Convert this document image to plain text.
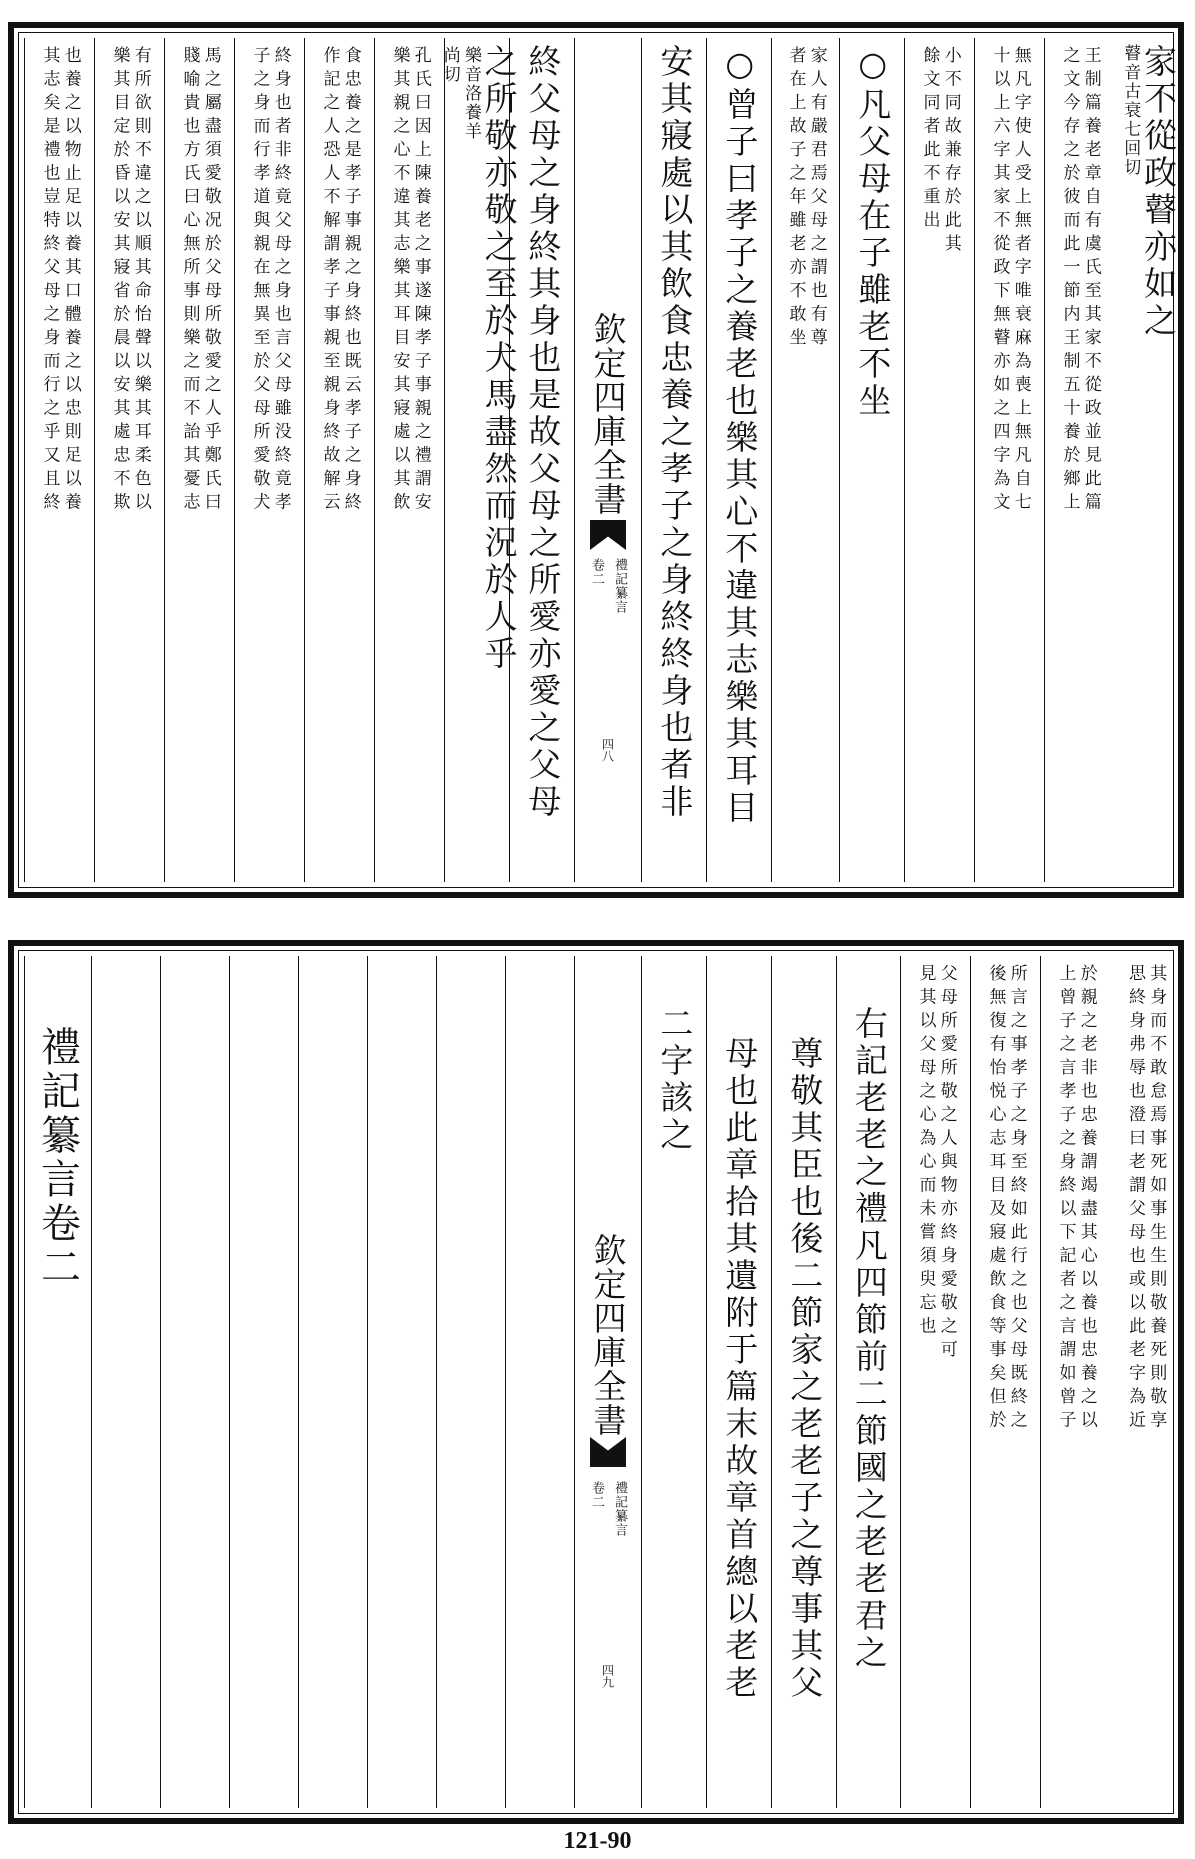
家不從政瞽亦如之
瞽音古衰七回切
王制篇養老章自有虞氏至其家不從政並見此篇
之文今存之於彼而此一節内王制五十養於鄉上
無凡字使人受上無者字唯衰麻為喪上無凡自七
十以上六字其家不從政下無瞽亦如之四字為文
小不同故兼存於此其
餘文同者此不重出
○凡父母在子雖老不坐
家人有嚴君焉父母之謂也有尊
者在上故子之年雖老亦不敢坐
○曾子曰孝子之養老也樂其心不違其志樂其耳目
安其寢處以其飲食忠養之孝子之身終終身也者非
欽定四庫全書
禮記纂言
卷二
四八
終父母之身終其身也是故父母之所愛亦愛之父母
之所敬亦敬之至於犬馬盡然而況於人乎
樂音洛養羊尚切
孔氏曰因上陳養老之事遂陳孝子事親之禮謂安
樂其親之心不違其志樂其耳目安其寢處以其飲
食忠養之是孝子事親之身終也既云孝子之身終
作記之人恐人不解謂孝子事親至親身終故解云
終身也者非終竟父母之身也言父母雖没終竟孝
子之身而行孝道與親在無異至於父母所愛敬犬
馬之屬盡須愛敬况於父母所敬愛之人乎鄭氏曰
賤喻貴也方氏曰心無所事則樂之而不詒其憂志
有所欲則不違之以順其命怡聲以樂其耳柔色以
樂其目定於昏以安其寢省於晨以安其處忠不欺
也養之以物止足以養其口體養之以忠則足以養
其志矣是禮也豈特終父母之身而行之乎又且終
其身而不敢怠焉事死如事生生則敬養死則敬享
思終身弗辱也澄曰老謂父母也或以此老字為近
於親之老非也忠養謂竭盡其心以養也忠養之以
上曾子之言孝子之身終以下記者之言謂如曾子
所言之事孝子之身至終如此行之也父母既終之
後無復有怡悦心志耳目及寢處飲食等事矣但於
父母所愛所敬之人與物亦終身愛敬之可
見其以父母之心為心而未嘗須臾忘也
右記老老之禮凡四節前二節國之老老君之
尊敬其臣也後二節家之老老子之尊事其父
母也此章拾其遺附于篇末故章首總以老老
二字該之
欽定四庫全書
禮記纂言
卷二
四九
禮記纂言卷二
121-90
